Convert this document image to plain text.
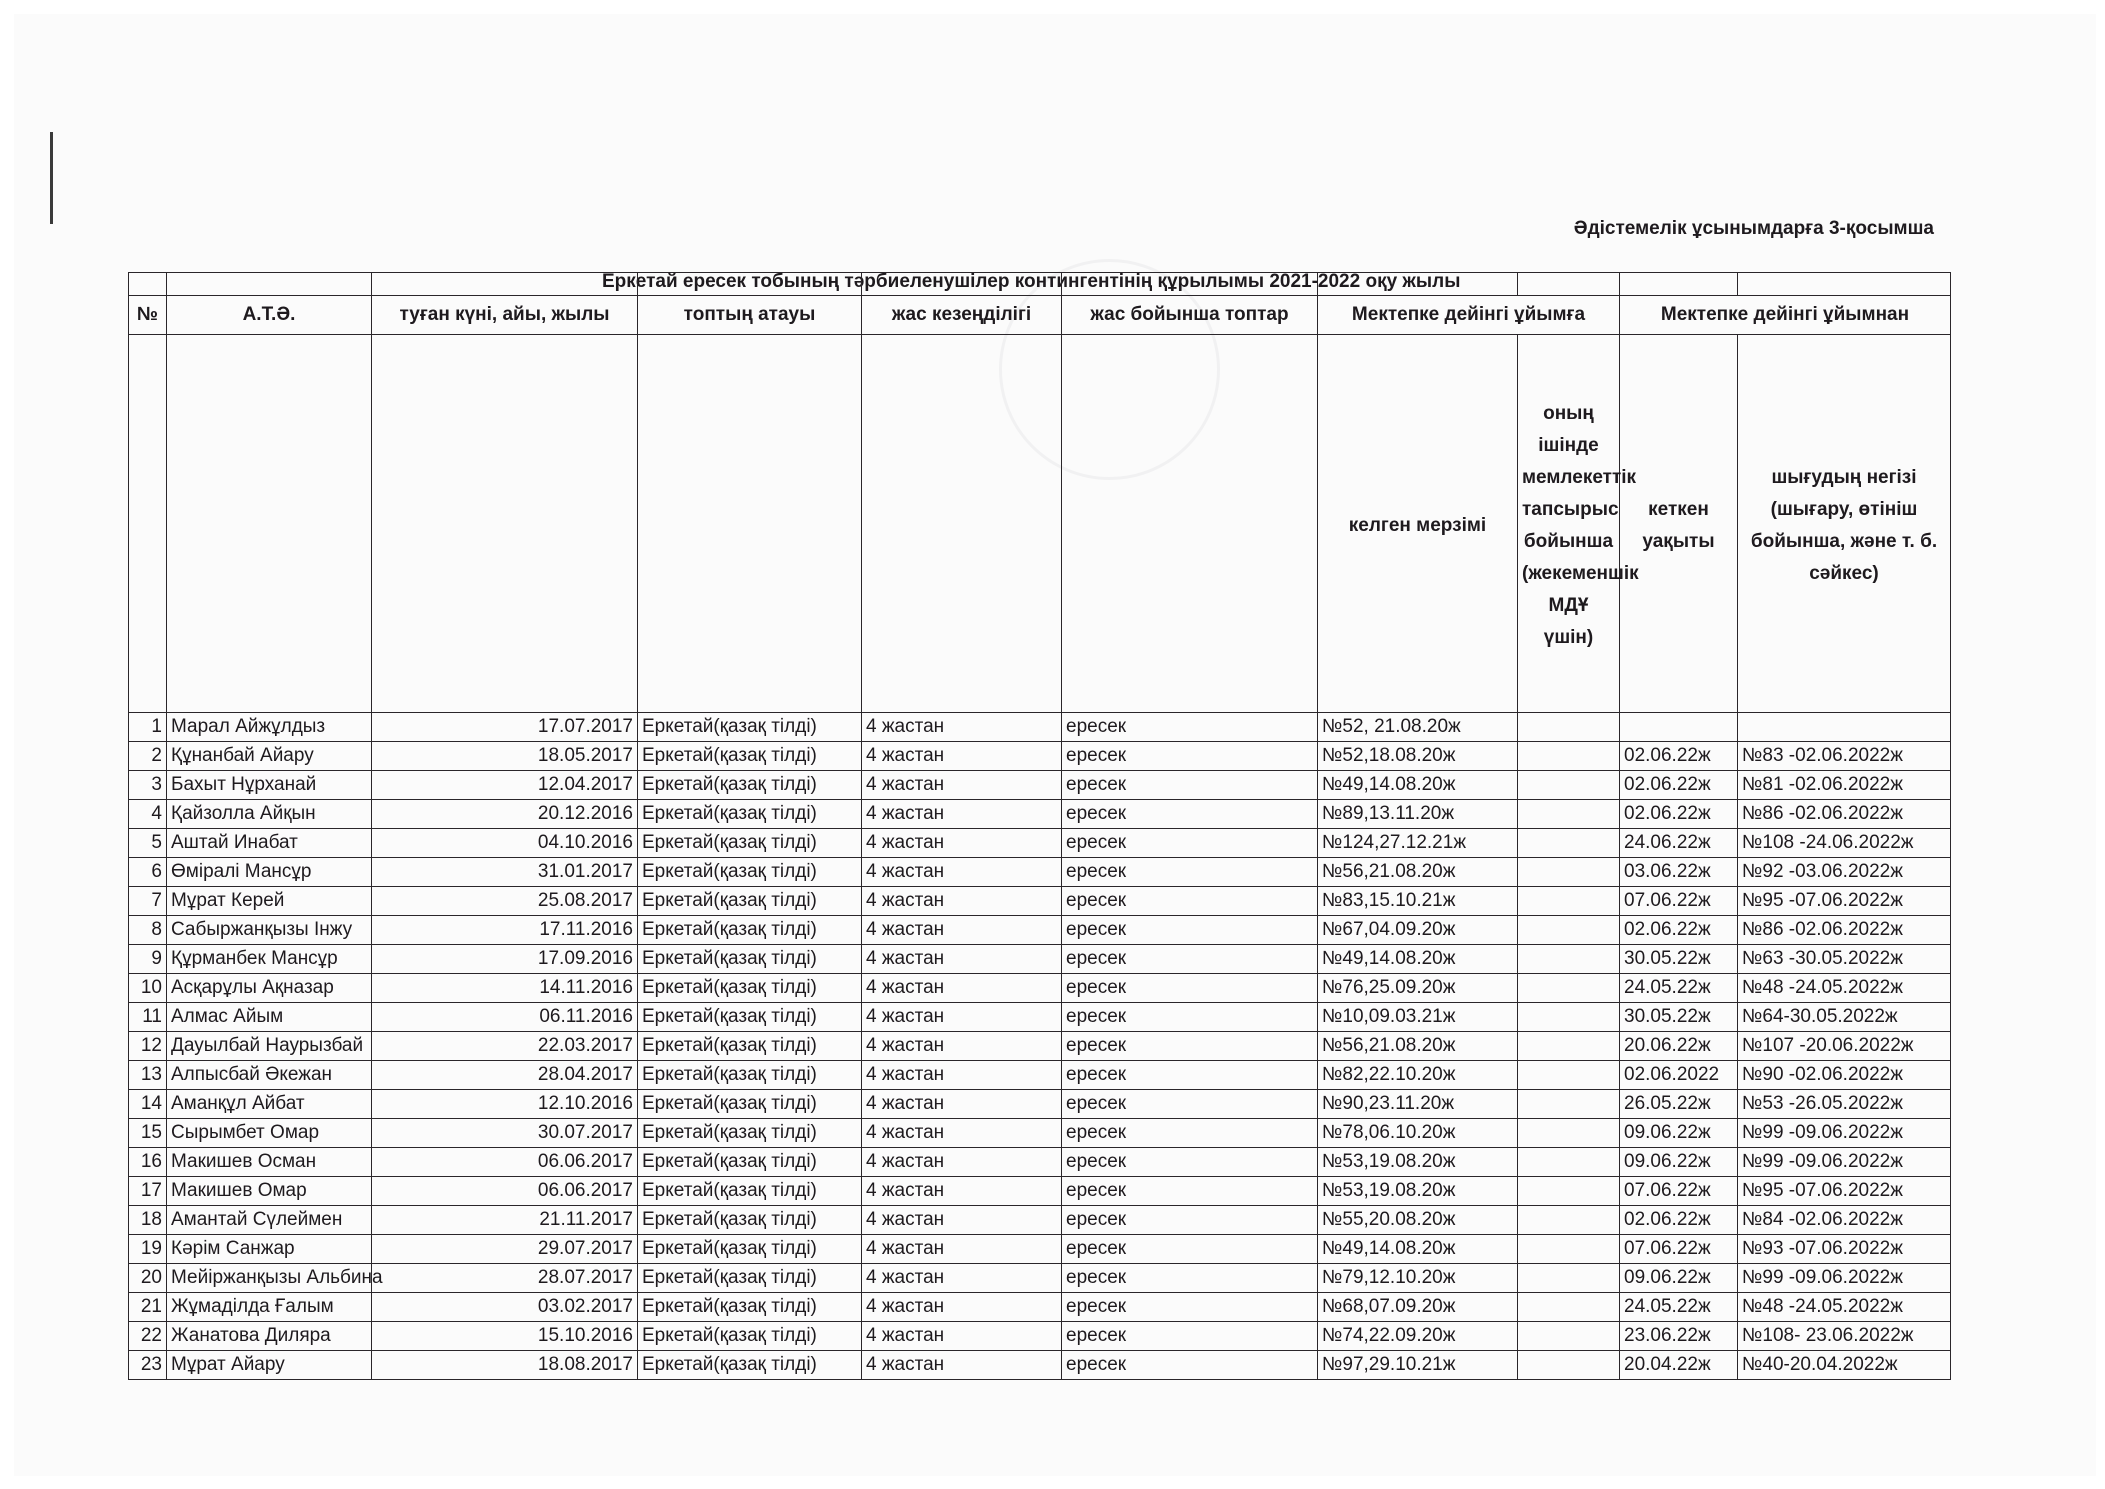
Әдістемелік ұсынымдарға 3-қосымша
Еркетай ересек тобының тәрбиеленушілер контингентінің құрылымы 2021-2022 оқу жылы

№	А.Т.Ә.	туған күні, айы, жылы	топтың атауы	жас кезеңділігі	жас бойынша топтар	Мектепке дейінгі ұйымға		Мектепке дейінгі ұйымнан	
						келген мерзімі	оның ішінде мемлекеттік тапсырыс бойынша (жекеменшік МДҰ үшін)	кеткен уақыты	шығудың негізі (шығару, өтініш бойынша, және т. б. сәйкес)
1	Марал Айжұлдыз	17.07.2017	Еркетай(қазақ тілді)	4 жастан	ересек	№52, 21.08.20ж			
2	Құнанбай Айару	18.05.2017	Еркетай(қазақ тілді)	4 жастан	ересек	№52,18.08.20ж		02.06.22ж	№83 -02.06.2022ж
3	Бахыт Нұрханай	12.04.2017	Еркетай(қазақ тілді)	4 жастан	ересек	№49,14.08.20ж		02.06.22ж	№81 -02.06.2022ж
4	Қайзолла Айқын	20.12.2016	Еркетай(қазақ тілді)	4 жастан	ересек	№89,13.11.20ж		02.06.22ж	№86 -02.06.2022ж
5	Аштай Инабат	04.10.2016	Еркетай(қазақ тілді)	4 жастан	ересек	№124,27.12.21ж		24.06.22ж	№108 -24.06.2022ж
6	Өміралі Мансұр	31.01.2017	Еркетай(қазақ тілді)	4 жастан	ересек	№56,21.08.20ж		03.06.22ж	№92 -03.06.2022ж
7	Мұрат Керей	25.08.2017	Еркетай(қазақ тілді)	4 жастан	ересек	№83,15.10.21ж		07.06.22ж	№95 -07.06.2022ж
8	Сабыржанқызы Інжу	17.11.2016	Еркетай(қазақ тілді)	4 жастан	ересек	№67,04.09.20ж		02.06.22ж	№86 -02.06.2022ж
9	Құрманбек Мансұр	17.09.2016	Еркетай(қазақ тілді)	4 жастан	ересек	№49,14.08.20ж		30.05.22ж	№63 -30.05.2022ж
10	Асқарұлы Ақназар	14.11.2016	Еркетай(қазақ тілді)	4 жастан	ересек	№76,25.09.20ж		24.05.22ж	№48 -24.05.2022ж
11	Алмас Айым	06.11.2016	Еркетай(қазақ тілді)	4 жастан	ересек	№10,09.03.21ж		30.05.22ж	№64-30.05.2022ж
12	Дауылбай Наурызбай	22.03.2017	Еркетай(қазақ тілді)	4 жастан	ересек	№56,21.08.20ж		20.06.22ж	№107 -20.06.2022ж
13	Алпысбай Әкежан	28.04.2017	Еркетай(қазақ тілді)	4 жастан	ересек	№82,22.10.20ж		02.06.2022	№90 -02.06.2022ж
14	Аманқұл Айбат	12.10.2016	Еркетай(қазақ тілді)	4 жастан	ересек	№90,23.11.20ж		26.05.22ж	№53 -26.05.2022ж
15	Сырымбет Омар	30.07.2017	Еркетай(қазақ тілді)	4 жастан	ересек	№78,06.10.20ж		09.06.22ж	№99 -09.06.2022ж
16	Макишев Осман	06.06.2017	Еркетай(қазақ тілді)	4 жастан	ересек	№53,19.08.20ж		09.06.22ж	№99 -09.06.2022ж
17	Макишев Омар	06.06.2017	Еркетай(қазақ тілді)	4 жастан	ересек	№53,19.08.20ж		07.06.22ж	№95 -07.06.2022ж
18	Амантай Сүлеймен	21.11.2017	Еркетай(қазақ тілді)	4 жастан	ересек	№55,20.08.20ж		02.06.22ж	№84 -02.06.2022ж
19	Кәрім Санжар	29.07.2017	Еркетай(қазақ тілді)	4 жастан	ересек	№49,14.08.20ж		07.06.22ж	№93 -07.06.2022ж
20	Мейіржанқызы Альбина	28.07.2017	Еркетай(қазақ тілді)	4 жастан	ересек	№79,12.10.20ж		09.06.22ж	№99 -09.06.2022ж
21	Жұмаділда Ғалым	03.02.2017	Еркетай(қазақ тілді)	4 жастан	ересек	№68,07.09.20ж		24.05.22ж	№48 -24.05.2022ж
22	Жанатова Диляра	15.10.2016	Еркетай(қазақ тілді)	4 жастан	ересек	№74,22.09.20ж		23.06.22ж	№108- 23.06.2022ж
23	Мұрат Айару	18.08.2017	Еркетай(қазақ тілді)	4 жастан	ересек	№97,29.10.21ж		20.04.22ж	№40-20.04.2022ж
